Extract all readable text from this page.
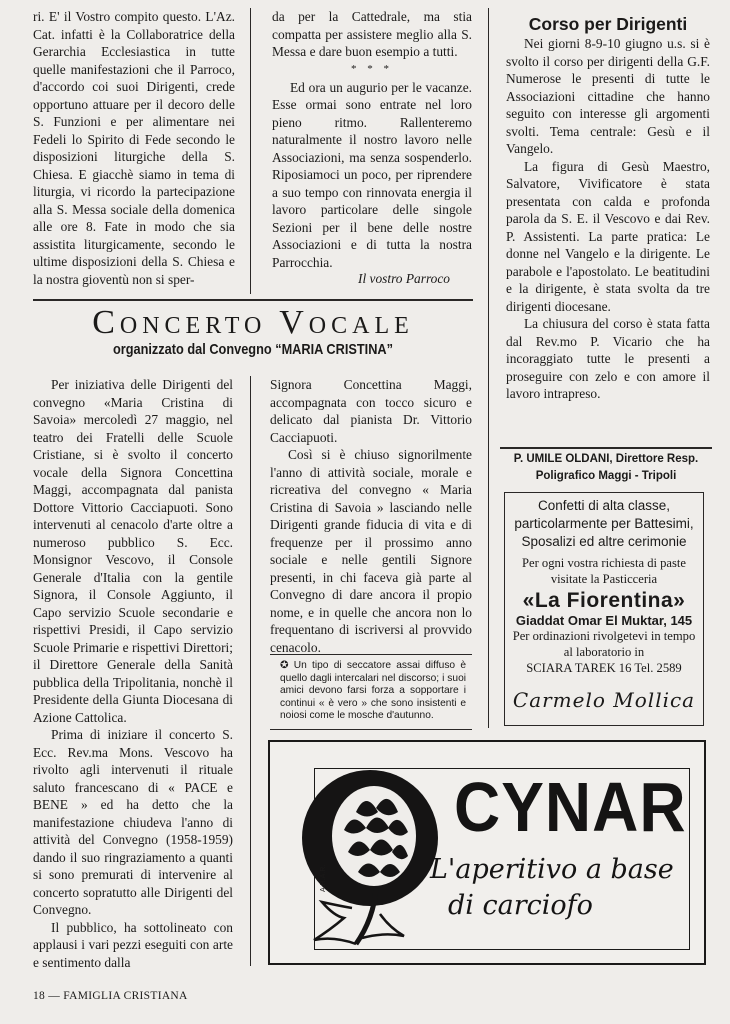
ri. E' il Vostro compito questo. L'Az. Cat. infatti è la Collaboratrice della Gerarchia Ecclesiastica in tutte quelle manifestazioni che il Parroco, d'accordo coi suoi Dirigenti, crede opportuno attuare per il decoro delle S. Funzioni e per alimentare nei Fedeli lo Spirito di Fede secondo le disposizioni liturgiche della S. Chiesa. E giacchè siamo in tema di liturgia, vi ricordo la partecipazione alla S. Messa sociale della domenica alle ore 8. Fate in modo che sia assistita liturgicamente, secondo le ultime disposizioni della S. Chiesa e la nostra gioventù non si sper-

da per la Cattedrale, ma stia compatta per assistere meglio alla S. Messa e dare buon esempio a tutti.

* * *

Ed ora un augurio per le vacanze. Esse ormai sono entrate nel loro pieno ritmo. Rallenteremo naturalmente il nostro lavoro nelle Associazioni, ma senza sospenderlo. Riposiamoci un poco, per riprendere a suo tempo con rinnovata energia il lavoro particolare delle singole Sezioni per il bene delle nostre Associazioni e di tutta la nostra Parrocchia.

Il vostro Parroco
Corso per Dirigenti

Nei giorni 8-9-10 giugno u.s. si è svolto il corso per dirigenti della G.F. Numerose le presenti di tutte le Associazioni cittadine che hanno seguito con interesse gli argomenti svolti. Tema centrale: Gesù e il Vangelo.

La figura di Gesù Maestro, Salvatore, Vivificatore è stata presentata con calda e profonda parola da S. E. il Vescovo e dai Rev. P. Assistenti. La parte pratica: Le donne nel Vangelo e la dirigente. Le parabole e l'apostolato. Le beatitudini e la dirigente, è stata svolta da tre dirigenti diocesane.

La chiusura del corso è stata fatta dal Rev.mo P. Vicario che ha incoraggiato tutte le presenti a proseguire con zelo e con amore il lavoro intrapreso.

P. UMILE OLDANI, Direttore Resp.
Poligrafico Maggi - Tripoli
Confetti di alta classe, particolarmente per Battesimi, Sposalizi ed altre cerimonie
Per ogni vostra richiesta di paste visitate la Pasticceria
«La Fiorentina»
Giaddat Omar El Muktar, 145
Per ordinazioni rivolgetevi in tempo al laboratorio in
SCIARA TAREK 16 Tel. 2589
Carmelo Mollica
Concerto Vocale
organizzato dal Convegno “MARIA CRISTINA”

Per iniziativa delle Dirigenti del convegno «Maria Cristina di Savoia» mercoledì 27 maggio, nel teatro dei Fratelli delle Scuole Cristiane, si è svolto il concerto vocale della Signora Concettina Maggi, accompagnata dal panista Dottore Vittorio Cacciapuoti. Sono intervenuti al cenacolo d'arte oltre a numeroso pubblico S. Ecc. Monsignor Vescovo, il Console Generale d'Italia con la gentile Signora, il Console Aggiunto, il Capo servizio Scuole secondarie e rispettivi Presidi, il Capo servizio Scuole Primarie e rispettivi Direttori; il Direttore Generale della Sanità pubblica della Tripolitania, nonchè il Presidente della Giunta Diocesana di Azione Cattolica.

Prima di iniziare il concerto S. Ecc. Rev.ma Mons. Vescovo ha rivolto agli intervenuti il rituale saluto francescano di « PACE e BENE » ed ha detto che la manifestazione chiudeva l'anno di attività del Convegno (1958-1959) dando il suo ringraziamento a quanti si sono premurati di intervenire al concerto sopratutto alle Dirigenti del Convegno.

Il pubblico, ha sottolineato con applausi i vari pezzi eseguiti con arte e sentimento dalla

Signora Concettina Maggi, accompagnata con tocco sicuro e delicato dal pianista Dr. Vittorio Cacciapuoti.

Così si è chiuso signorilmente l'anno di attività sociale, morale e ricreativa del convegno « Maria Cristina di Savoia » lasciando nelle Dirigenti grande fiducia di vita e di frequenze per il prossimo anno sociale e nelle gentili Signore presenti, in chi faceva già parte al Convegno di dare ancora il propio nome, e in quelle che ancora non lo frequentano di iscriversi al provvido cenacolo.

✪ Un tipo di seccatore assai diffuso è quello dagli intercalari nel discorso; i suoi amici devono farsi forza a sopportare i continui « è vero » che sono insistenti e noiosi come le mosche d'autunno.

A.R.A.R.
CYNAR
L'aperitivo a base
di carciofo
18 — FAMIGLIA CRISTIANA
